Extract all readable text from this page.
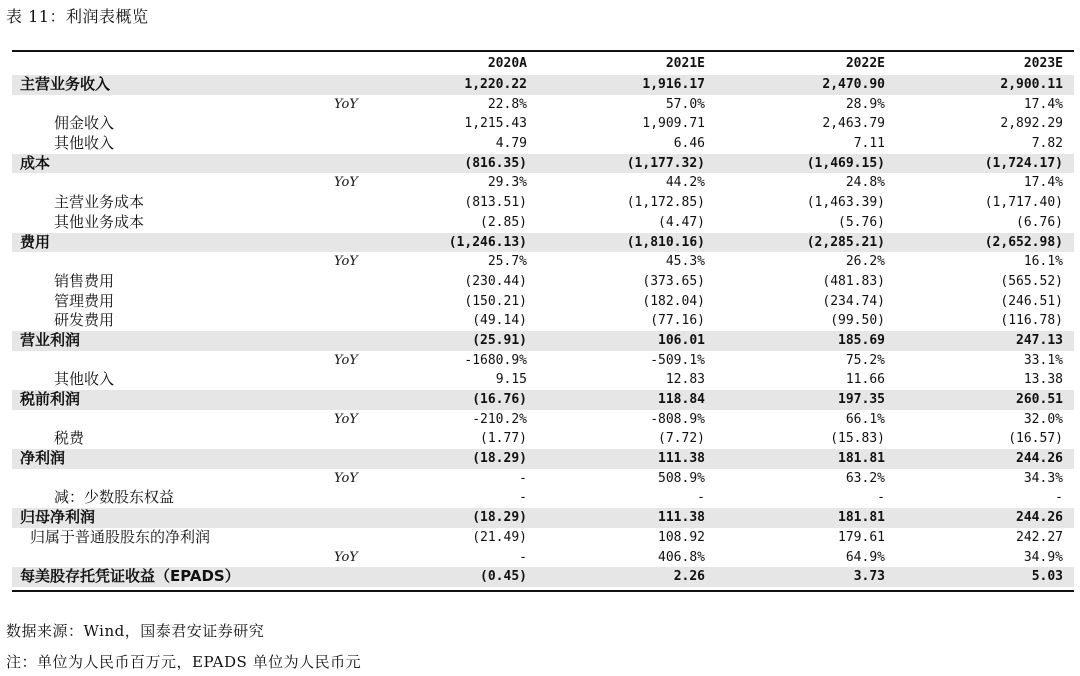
表 11：利润表概览
2020A	2021E	2022E	2023E
主营业务收入	1,220.22	1,916.17	2,470.90	2,900.11
YoY	22.8%	57.0%	28.9%	17.4%
佣金收入	1,215.43	1,909.71	2,463.79	2,892.29
其他收入	4.79	6.46	7.11	7.82
成本	(816.35)	(1,177.32)	(1,469.15)	(1,724.17)
YoY	29.3%	44.2%	24.8%	17.4%
主营业务成本	(813.51)	(1,172.85)	(1,463.39)	(1,717.40)
其他业务成本	(2.85)	(4.47)	(5.76)	(6.76)
费用	(1,246.13)	(1,810.16)	(2,285.21)	(2,652.98)
YoY	25.7%	45.3%	26.2%	16.1%
销售费用	(230.44)	(373.65)	(481.83)	(565.52)
管理费用	(150.21)	(182.04)	(234.74)	(246.51)
研发费用	(49.14)	(77.16)	(99.50)	(116.78)
营业利润	(25.91)	106.01	185.69	247.13
YoY	-1680.9%	-509.1%	75.2%	33.1%
其他收入	9.15	12.83	11.66	13.38
税前利润	(16.76)	118.84	197.35	260.51
YoY	-210.2%	-808.9%	66.1%	32.0%
税费	(1.77)	(7.72)	(15.83)	(16.57)
净利润	(18.29)	111.38	181.81	244.26
YoY	-	508.9%	63.2%	34.3%
减：少数股东权益	-	-	-	-
归母净利润	(18.29)	111.38	181.81	244.26
归属于普通股股东的净利润	(21.49)	108.92	179.61	242.27
YoY	-	406.8%	64.9%	34.9%
每美股存托凭证收益（EPADS）	(0.45)	2.26	3.73	5.03
数据来源：Wind，国泰君安证券研究
注：单位为人民币百万元，EPADS 单位为人民币元
